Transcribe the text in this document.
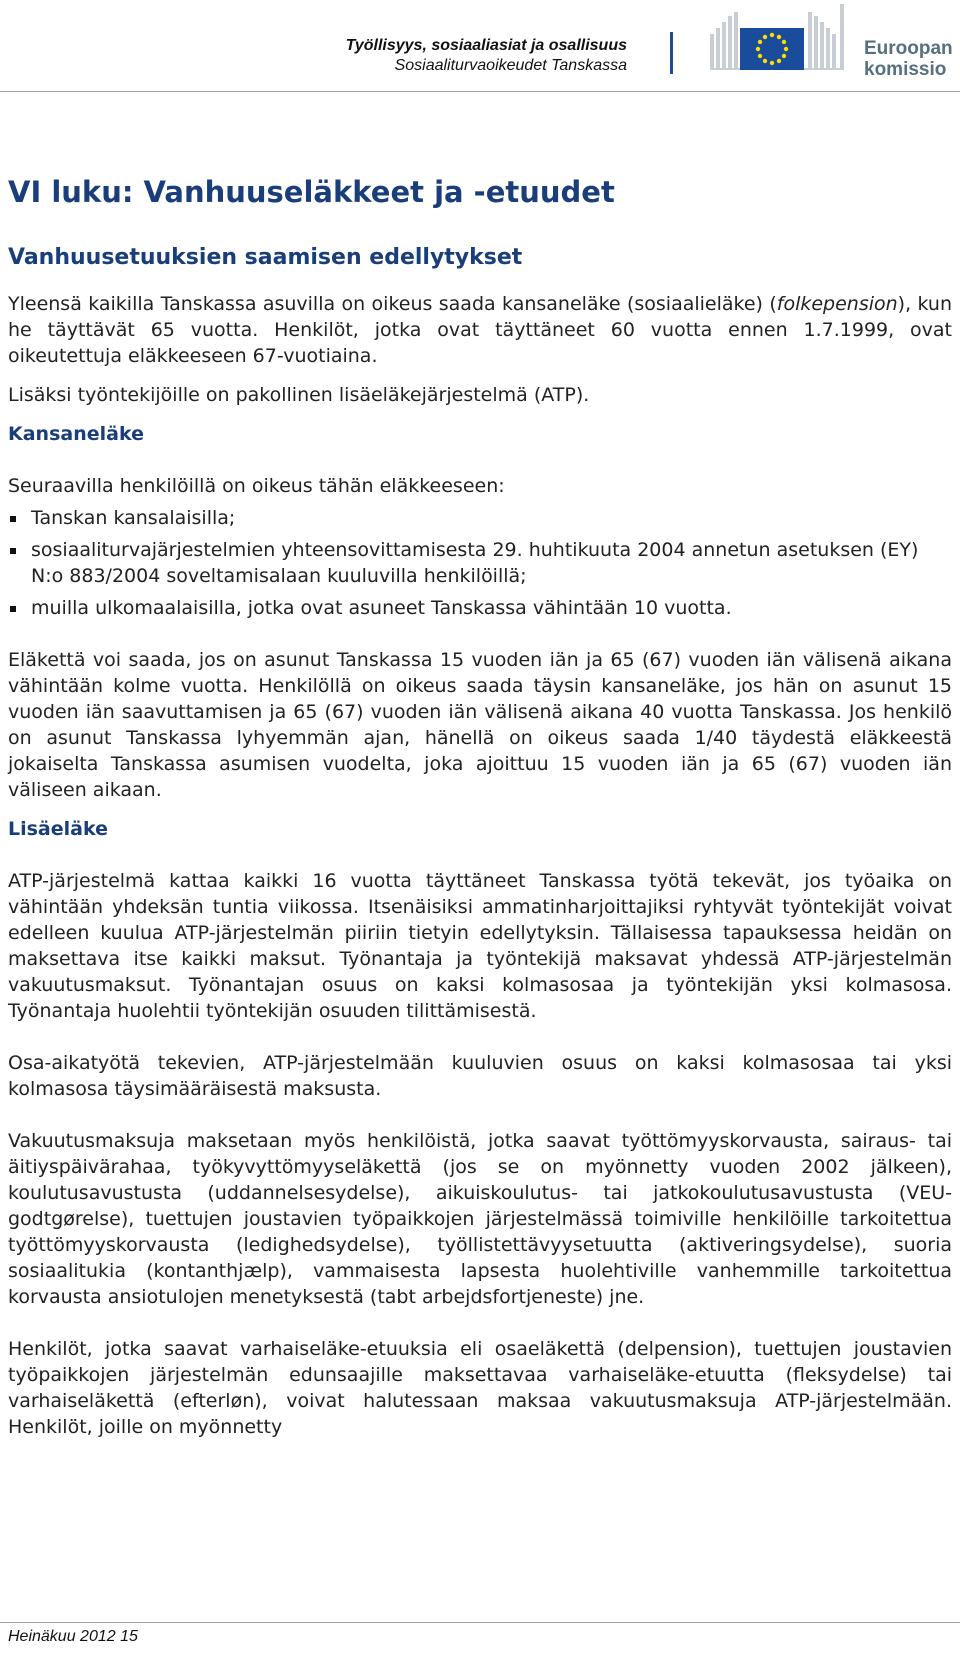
Työllisyys, sosiaaliasiat ja osallisuus
Sosiaaliturvaoikeudet Tanskassa
Euroopan
komissio
VI luku: Vanhuuseläkkeet ja -etuudet
Vanhuusetuuksien saamisen edellytykset

Yleensä kaikilla Tanskassa asuvilla on oikeus saada kansaneläke (sosiaalieläke) (folkepension), kun he täyttävät 65 vuotta. Henkilöt, jotka ovat täyttäneet 60 vuotta ennen 1.7.1999, ovat oikeutettuja eläkkeeseen 67-vuotiaina.

Lisäksi työntekijöille on pakollinen lisäeläkejärjestelmä (ATP).

Kansaneläke

Seuraavilla henkilöillä on oikeus tähän eläkkeeseen:

Tanskan kansalaisilla;
sosiaaliturvajärjestelmien yhteensovittamisesta 29. huhtikuuta 2004 annetun asetuksen (EY) N:o 883/2004 soveltamisalaan kuuluvilla henkilöillä;
muilla ulkomaalaisilla, jotka ovat asuneet Tanskassa vähintään 10 vuotta.

Eläkettä voi saada, jos on asunut Tanskassa 15 vuoden iän ja 65 (67) vuoden iän välisenä aikana vähintään kolme vuotta. Henkilöllä on oikeus saada täysin kansaneläke, jos hän on asunut 15 vuoden iän saavuttamisen ja 65 (67) vuoden iän välisenä aikana 40 vuotta Tanskassa. Jos henkilö on asunut Tanskassa lyhyemmän ajan, hänellä on oikeus saada 1/40 täydestä eläkkeestä jokaiselta Tanskassa asumisen vuodelta, joka ajoittuu 15 vuoden iän ja 65 (67) vuoden iän väliseen aikaan.

Lisäeläke

ATP-järjestelmä kattaa kaikki 16 vuotta täyttäneet Tanskassa työtä tekevät, jos työaika on vähintään yhdeksän tuntia viikossa. Itsenäisiksi ammatinharjoittajiksi ryhtyvät työntekijät voivat edelleen kuulua ATP-järjestelmän piiriin tietyin edellytyksin. Tällaisessa tapauksessa heidän on maksettava itse kaikki maksut. Työnantaja ja työntekijä maksavat yhdessä ATP-järjestelmän vakuutusmaksut. Työnantajan osuus on kaksi kolmasosaa ja työntekijän yksi kolmasosa. Työnantaja huolehtii työntekijän osuuden tilittämisestä.

Osa-aikatyötä tekevien, ATP-järjestelmään kuuluvien osuus on kaksi kolmasosaa tai yksi kolmasosa täysimääräisestä maksusta.

Vakuutusmaksuja maksetaan myös henkilöistä, jotka saavat työttömyyskorvausta, sairaus- tai äitiyspäivärahaa, työkyvyttömyyseläkettä (jos se on myönnetty vuoden 2002 jälkeen), koulutusavustusta (uddannelsesydelse), aikuiskoulutus- tai jatkokoulutusavustusta (VEU-godtgørelse), tuettujen joustavien työpaikkojen järjestelmässä toimiville henkilöille tarkoitettua työttömyyskorvausta (ledighedsydelse), työllistettävyysetuutta (aktiveringsydelse), suoria sosiaalitukia (kontanthjælp), vammaisesta lapsesta huolehtiville vanhemmille tarkoitettua korvausta ansiotulojen menetyksestä (tabt arbejdsfortjeneste) jne.

Henkilöt, jotka saavat varhaiseläke-etuuksia eli osaeläkettä (delpension), tuettujen joustavien työpaikkojen järjestelmän edunsaajille maksettavaa varhaiseläke-etuutta (fleksydelse) tai varhaiseläkettä (efterløn), voivat halutessaan maksaa vakuutusmaksuja ATP-järjestelmään. Henkilöt, joille on myönnetty

Heinäkuu 2012 15
